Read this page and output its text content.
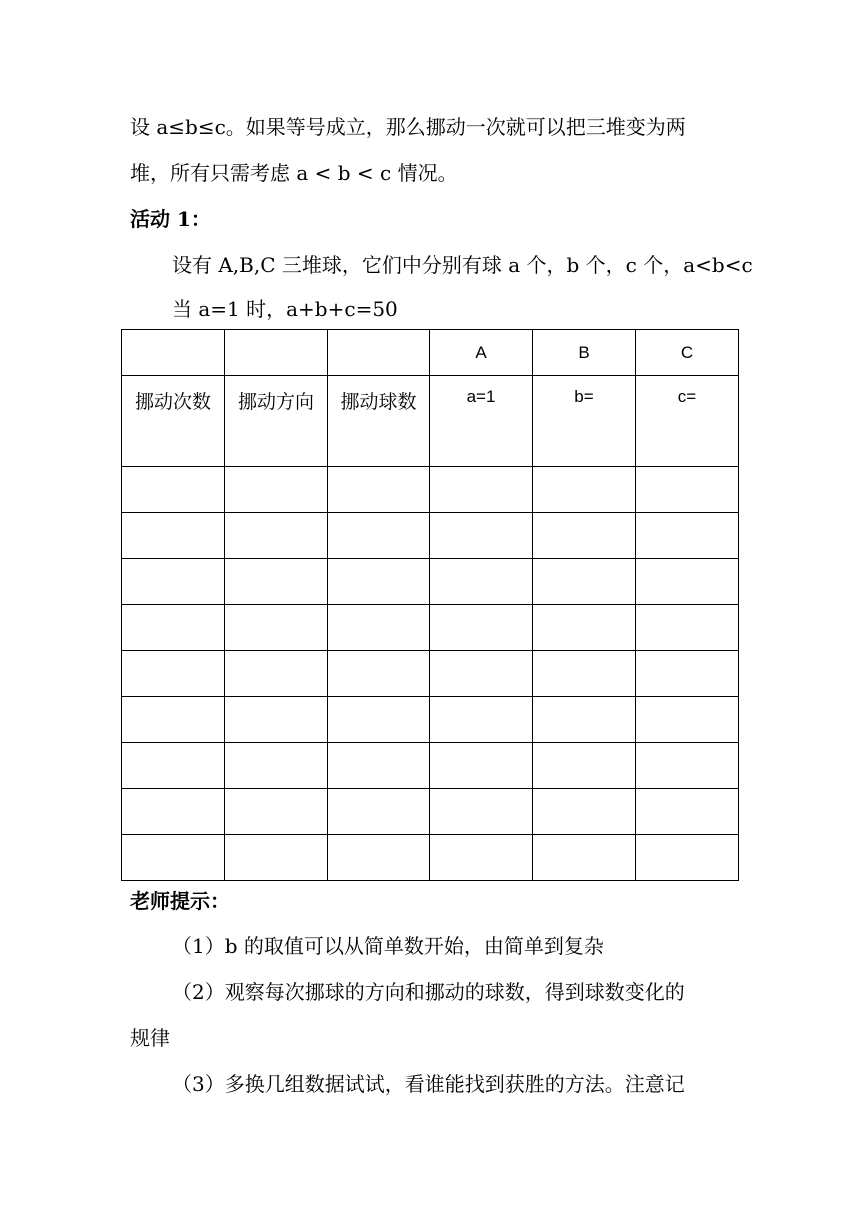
设 a≤b≤c。如果等号成立，那么挪动一次就可以把三堆变为两
堆，所有只需考虑 a < b < c 情况。
活动 1：
设有 A,B,C 三堆球，它们中分别有球 a 个，b 个，c 个，a<b<c
当 a=1 时，a+b+c=50
			A	B	C
挪动次数	挪动方向	挪动球数	a=1	b=	c=

老师提示：
（1）b 的取值可以从简单数开始，由简单到复杂
（2）观察每次挪球的方向和挪动的球数，得到球数变化的
规律
（3）多换几组数据试试，看谁能找到获胜的方法。注意记
